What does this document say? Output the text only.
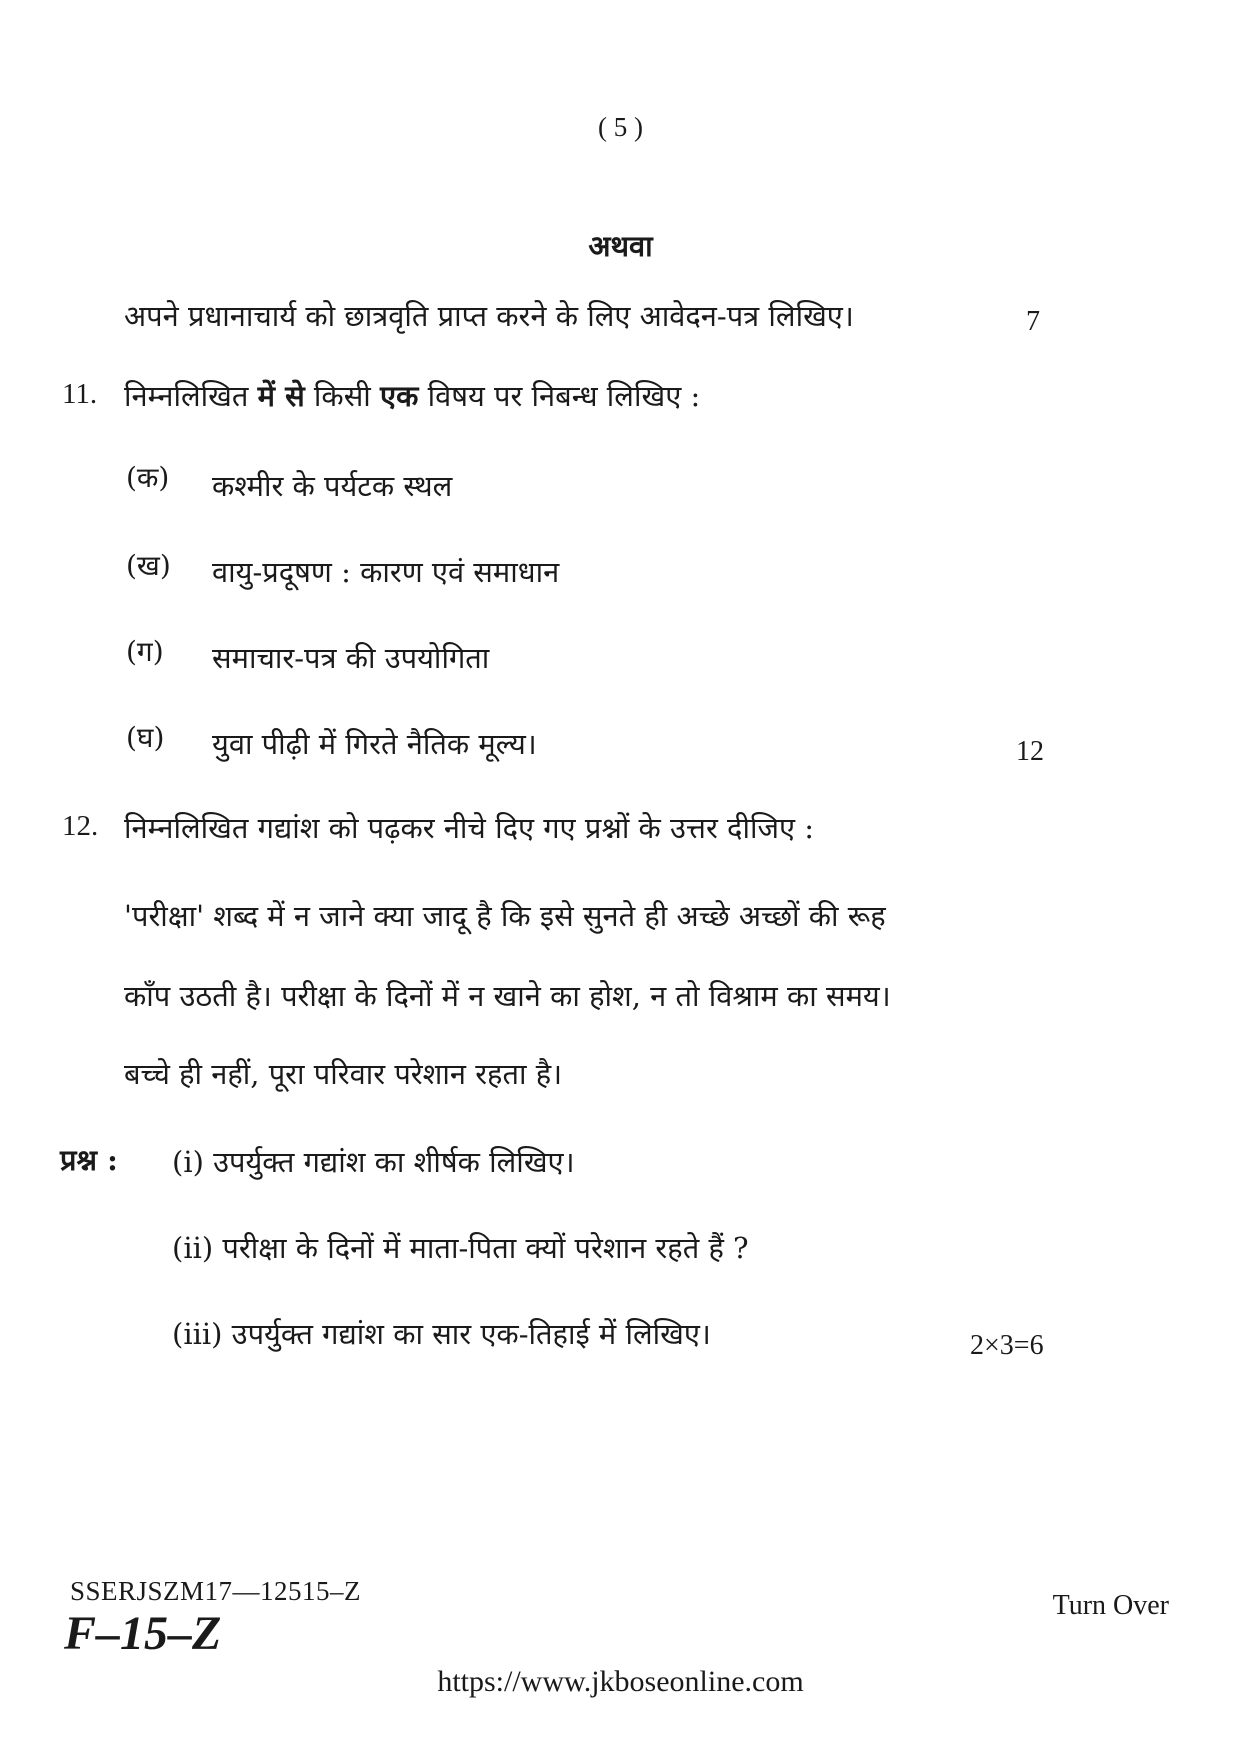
( 5 )
अथवा
अपने प्रधानाचार्य को छात्रवृति प्राप्त करने के लिए आवेदन-पत्र लिखिए।	7
11. निम्नलिखित में से किसी एक विषय पर निबन्ध लिखिए :
(क) कश्मीर के पर्यटक स्थल
(ख) वायु-प्रदूषण : कारण एवं समाधान
(ग) समाचार-पत्र की उपयोगिता
(घ) युवा पीढ़ी में गिरते नैतिक मूल्य।	12
12. निम्नलिखित गद्यांश को पढ़कर नीचे दिए गए प्रश्नों के उत्तर दीजिए :
'परीक्षा' शब्द में न जाने क्या जादू है कि इसे सुनते ही अच्छे अच्छों की रूह
काँप उठती है। परीक्षा के दिनों में न खाने का होश, न तो विश्राम का समय।
बच्चे ही नहीं, पूरा परिवार परेशान रहता है।
प्रश्न : (i) उपर्युक्त गद्यांश का शीर्षक लिखिए।
(ii) परीक्षा के दिनों में माता-पिता क्यों परेशान रहते हैं ?
(iii) उपर्युक्त गद्यांश का सार एक-तिहाई में लिखिए।	2×3=6
SSERJSZM17—12515–Z
F–15–Z
Turn Over
https://www.jkboseonline.com
